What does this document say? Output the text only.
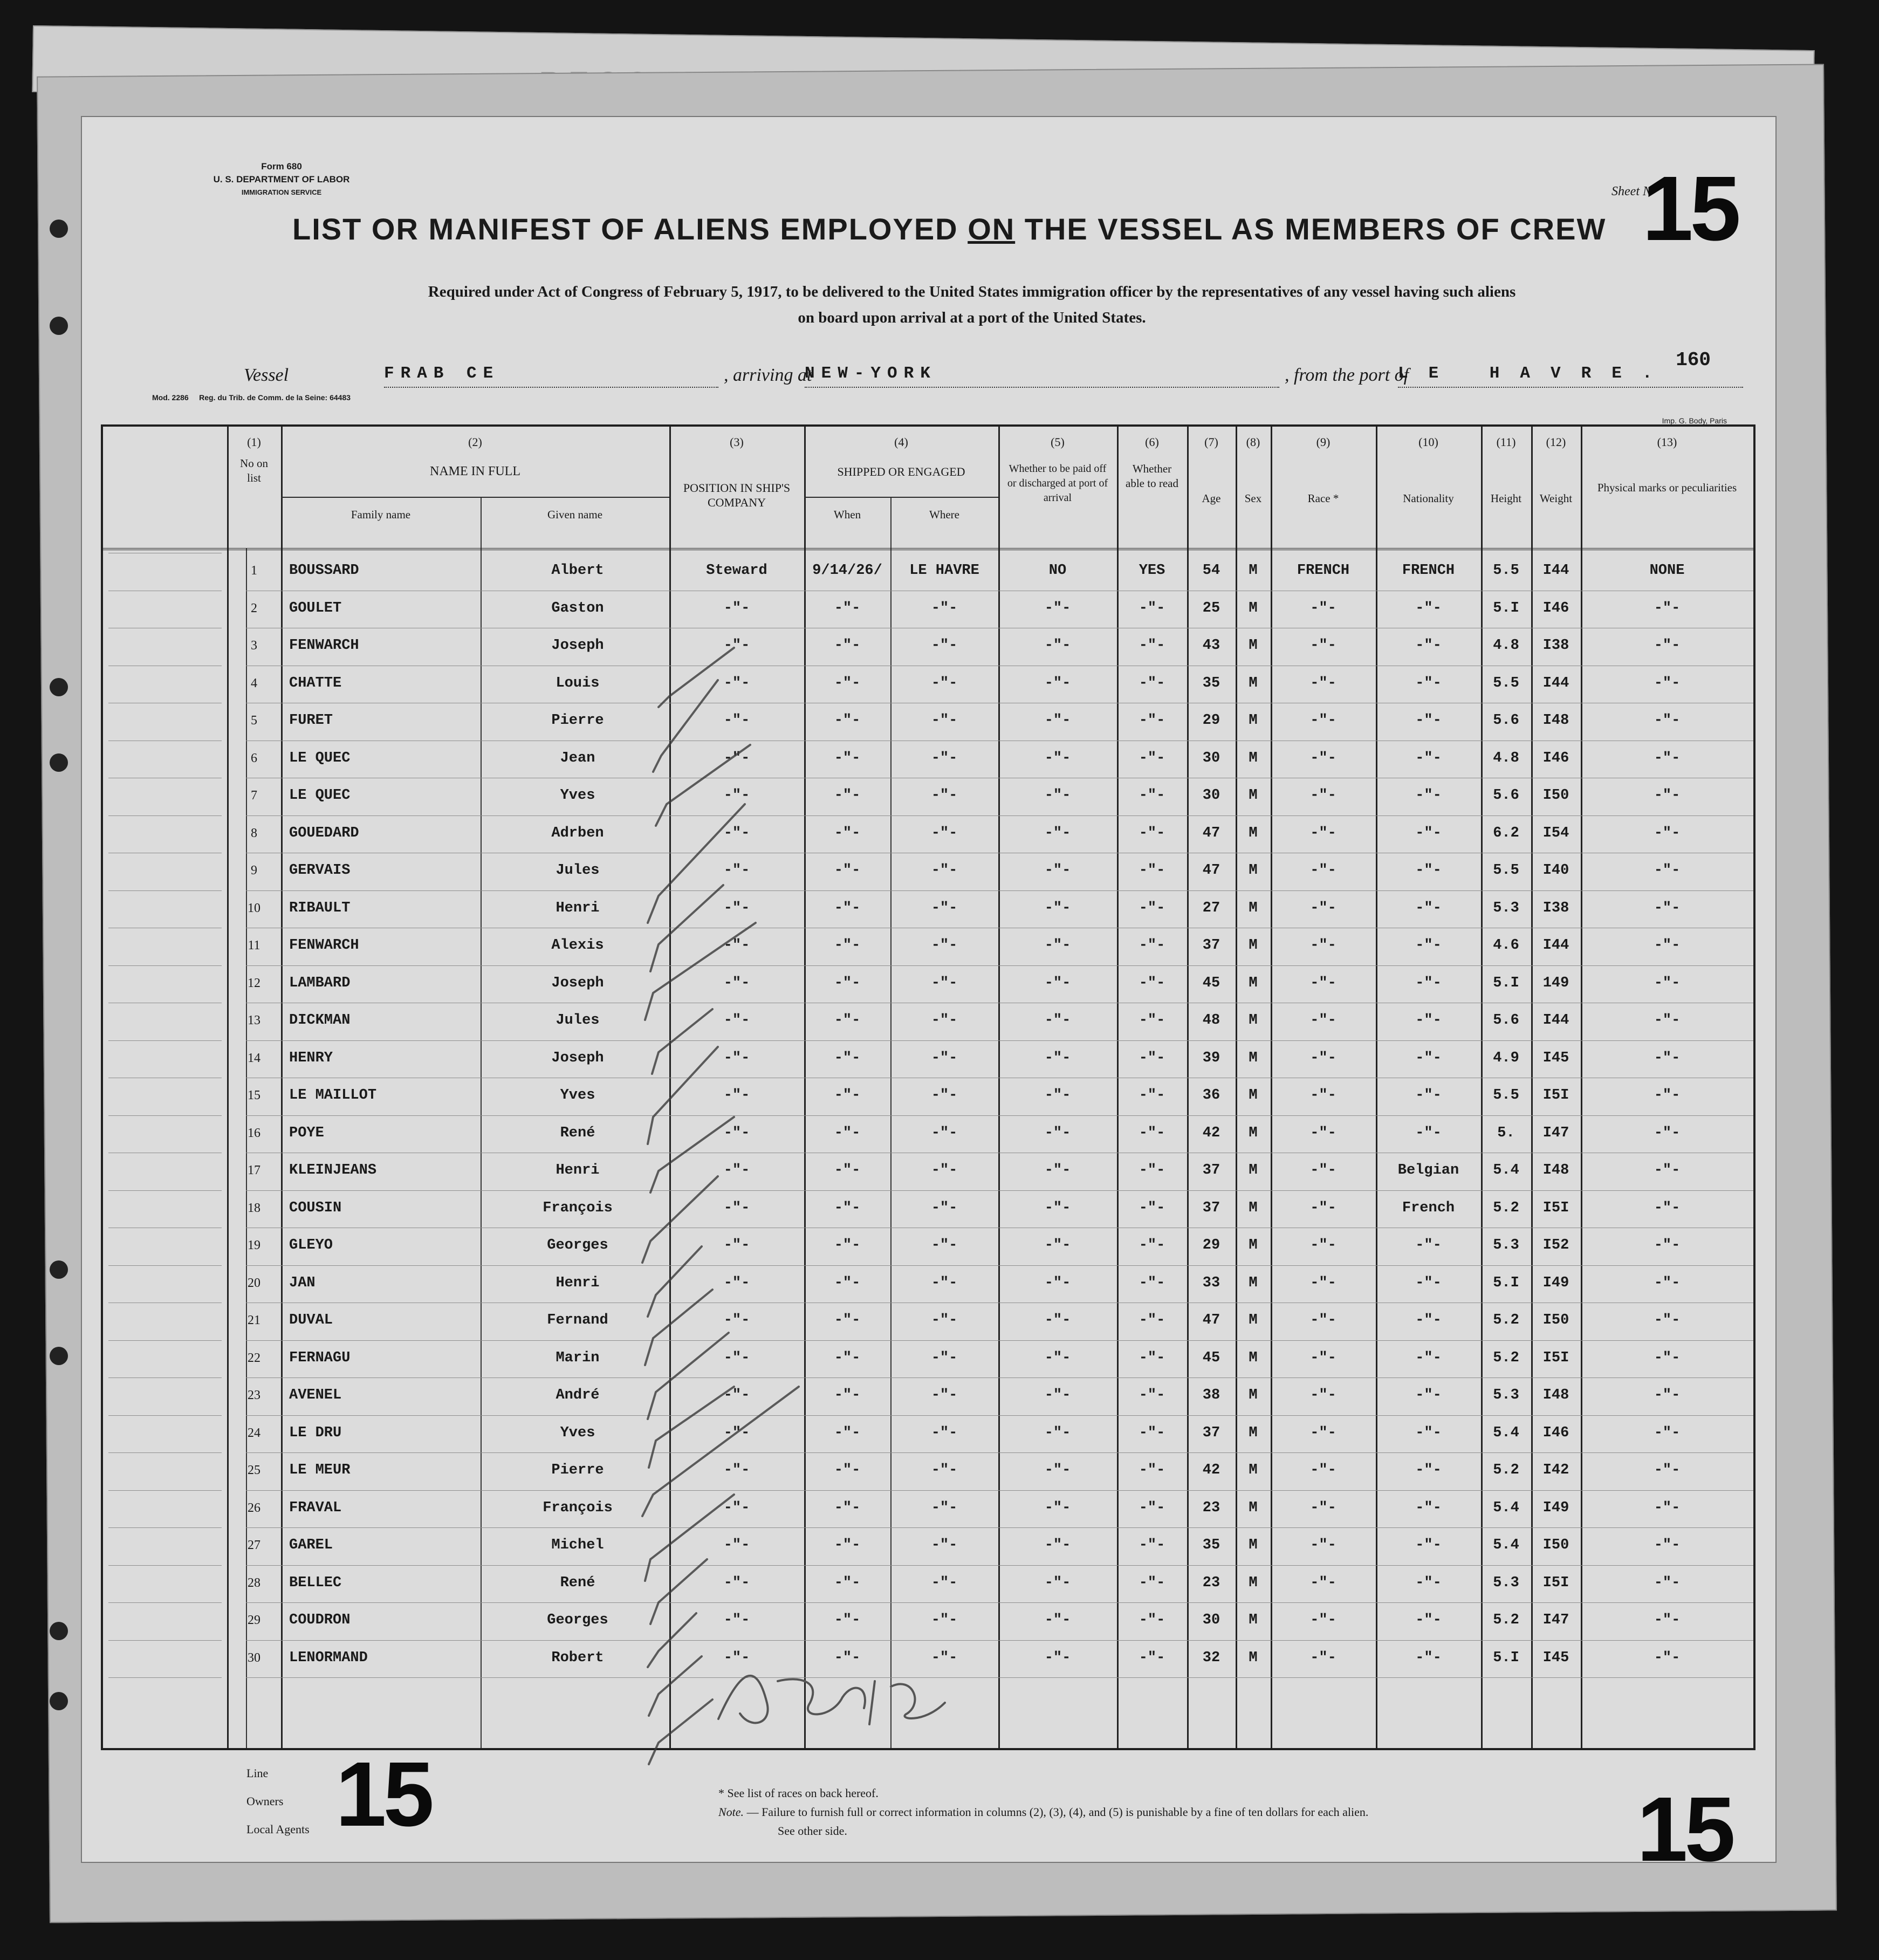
Form 680
U. S. DEPARTMENT OF LABOR
IMMIGRATION SERVICE	Sheet N
15
LIST OR MANIFEST OF ALIENS EMPLOYED ON THE VESSEL AS MEMBERS OF CREW
Required under Act of Congress of February 5, 1917, to be delivered to the United States immigration officer by the representatives of any vessel having such aliens
on board upon arrival at a port of the United States.
Vessel	FRAB CE	, arriving at
NEW-YORK	, from the port of
LE HAVRE.
160
Mod. 2286 Reg. du Trib. de Comm. de la Seine: 64483
Imp. G. Body, Paris
(1)
No on list
(2)
NAME IN FULL
Family name	Given name
(3)
POSITION IN SHIP'S COMPANY
(4)
SHIPPED OR ENGAGED
When	Where
(5)
Whether to be paid off or discharged at port of arrival
(6)
Whether able to read
(7)
Age
(8)
Sex
(9)
Race *
(10)
Nationality
(11)
Height
(12)
Weight
(13)
Physical marks or peculiarities
1	BOUSSARD	Albert	Steward	9/14/26/	LE HAVRE	NO	YES	54	M	FRENCH	FRENCH	5.5	I44	NONE
2	GOULET	Gaston	-"-	-"-	-"-	-"-	-"-	25	M	-"-	-"-	5.I	I46	-"-
3	FENWARCH	Joseph	-"-	-"-	-"-	-"-	-"-	43	M	-"-	-"-	4.8	I38	-"-
4	CHATTE	Louis	-"-	-"-	-"-	-"-	-"-	35	M	-"-	-"-	5.5	I44	-"-
5	FURET	Pierre	-"-	-"-	-"-	-"-	-"-	29	M	-"-	-"-	5.6	I48	-"-
6	LE QUEC	Jean	-"-	-"-	-"-	-"-	-"-	30	M	-"-	-"-	4.8	I46	-"-
7	LE QUEC	Yves	-"-	-"-	-"-	-"-	-"-	30	M	-"-	-"-	5.6	I50	-"-
8	GOUEDARD	Adrben	-"-	-"-	-"-	-"-	-"-	47	M	-"-	-"-	6.2	I54	-"-
9	GERVAIS	Jules	-"-	-"-	-"-	-"-	-"-	47	M	-"-	-"-	5.5	I40	-"-
10	RIBAULT	Henri	-"-	-"-	-"-	-"-	-"-	27	M	-"-	-"-	5.3	I38	-"-
11	FENWARCH	Alexis	-"-	-"-	-"-	-"-	-"-	37	M	-"-	-"-	4.6	I44	-"-
12	LAMBARD	Joseph	-"-	-"-	-"-	-"-	-"-	45	M	-"-	-"-	5.I	149	-"-
13	DICKMAN	Jules	-"-	-"-	-"-	-"-	-"-	48	M	-"-	-"-	5.6	I44	-"-
14	HENRY	Joseph	-"-	-"-	-"-	-"-	-"-	39	M	-"-	-"-	4.9	I45	-"-
15	LE MAILLOT	Yves	-"-	-"-	-"-	-"-	-"-	36	M	-"-	-"-	5.5	I5I	-"-
16	POYE	René	-"-	-"-	-"-	-"-	-"-	42	M	-"-	-"-	5.	I47	-"-
17	KLEINJEANS	Henri	-"-	-"-	-"-	-"-	-"-	37	M	-"-	Belgian	5.4	I48	-"-
18	COUSIN	François	-"-	-"-	-"-	-"-	-"-	37	M	-"-	French	5.2	I5I	-"-
19	GLEYO	Georges	-"-	-"-	-"-	-"-	-"-	29	M	-"-	-"-	5.3	I52	-"-
20	JAN	Henri	-"-	-"-	-"-	-"-	-"-	33	M	-"-	-"-	5.I	I49	-"-
21	DUVAL	Fernand	-"-	-"-	-"-	-"-	-"-	47	M	-"-	-"-	5.2	I50	-"-
22	FERNAGU	Marin	-"-	-"-	-"-	-"-	-"-	45	M	-"-	-"-	5.2	I5I	-"-
23	AVENEL	André	-"-	-"-	-"-	-"-	-"-	38	M	-"-	-"-	5.3	I48	-"-
24	LE DRU	Yves	-"-	-"-	-"-	-"-	-"-	37	M	-"-	-"-	5.4	I46	-"-
25	LE MEUR	Pierre	-"-	-"-	-"-	-"-	-"-	42	M	-"-	-"-	5.2	I42	-"-
26	FRAVAL	François	-"-	-"-	-"-	-"-	-"-	23	M	-"-	-"-	5.4	I49	-"-
27	GAREL	Michel	-"-	-"-	-"-	-"-	-"-	35	M	-"-	-"-	5.4	I50	-"-
28	BELLEC	René	-"-	-"-	-"-	-"-	-"-	23	M	-"-	-"-	5.3	I5I	-"-
29	COUDRON	Georges	-"-	-"-	-"-	-"-	-"-	30	M	-"-	-"-	5.2	I47	-"-
30	LENORMAND	Robert	-"-	-"-	-"-	-"-	-"-	32	M	-"-	-"-	5.I	I45	-"-
Line
Owners
Local Agents 15	15
* See list of races on back hereof.
Note. — Failure to furnish full or correct information in columns (2), (3), (4), and (5) is punishable by a fine of ten dollars for each alien.
See other side.
